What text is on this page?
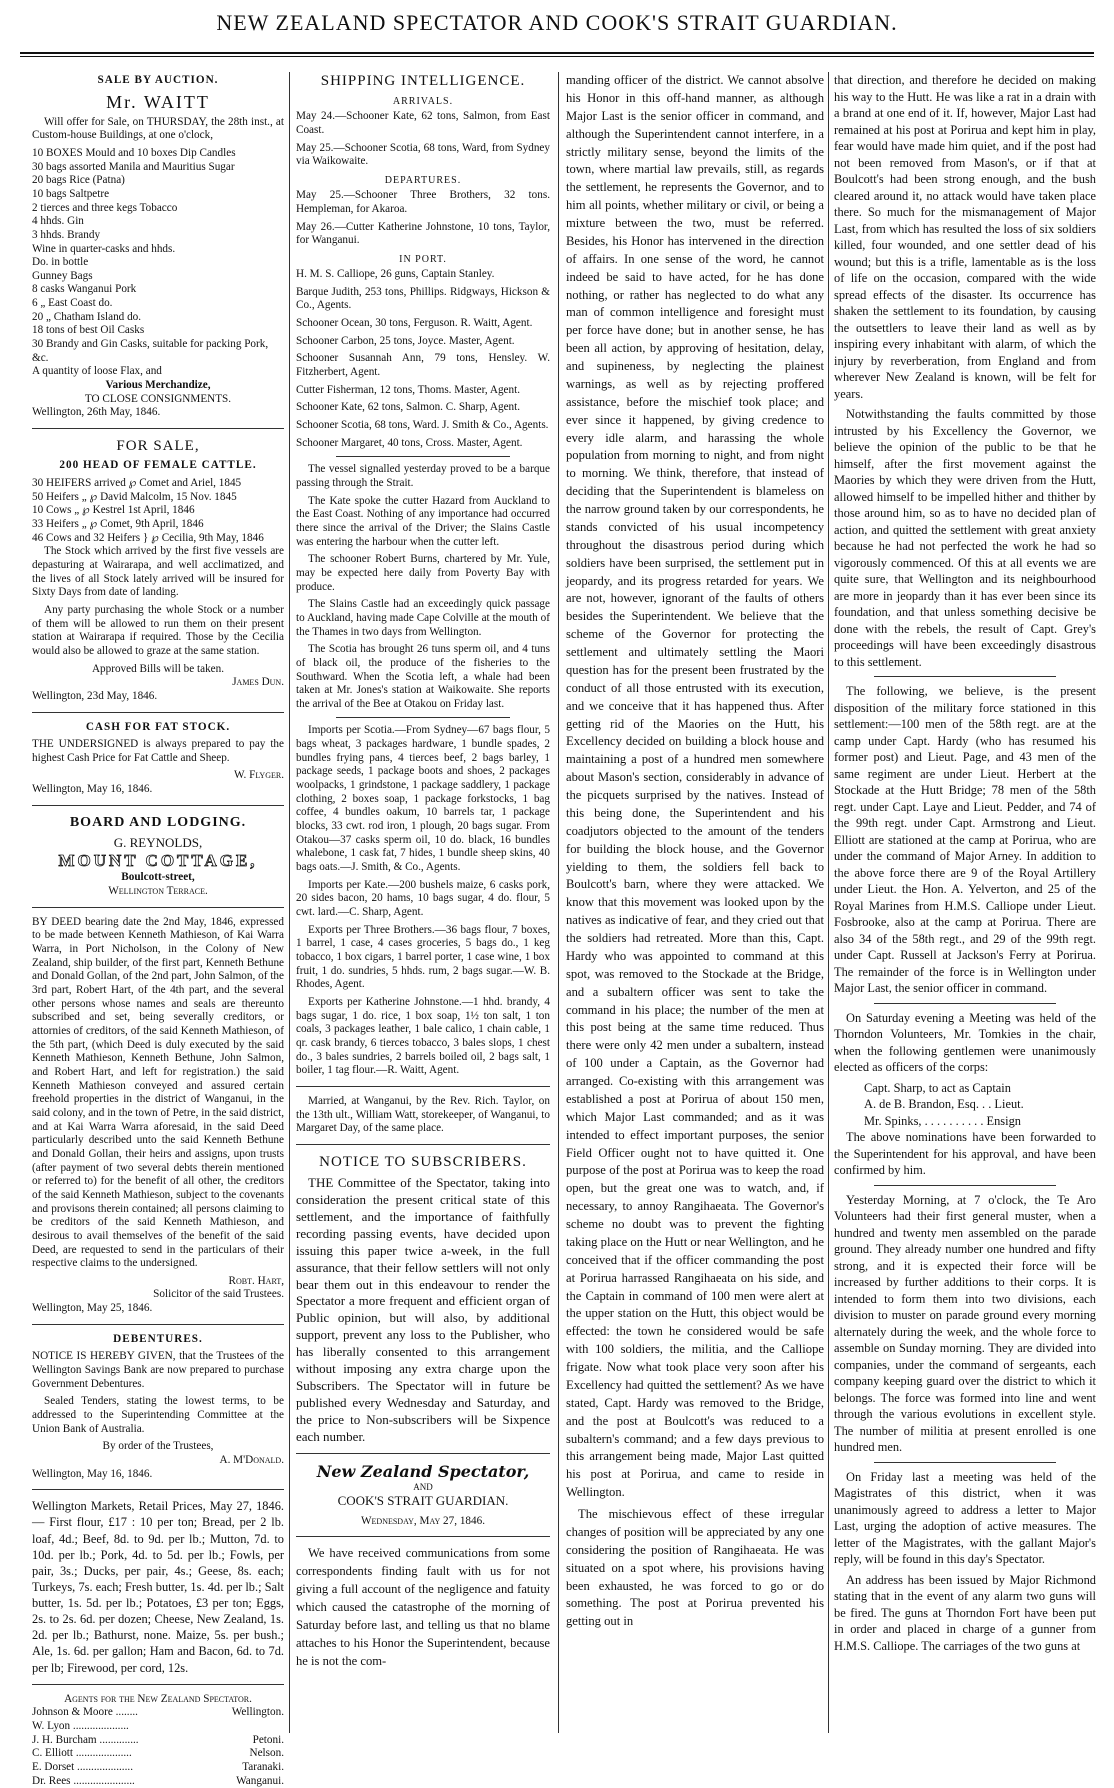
NEW ZEALAND SPECTATOR AND COOK'S STRAIT GUARDIAN.
SALE BY AUCTION.
Mr. WAITT

Will offer for Sale, on THURSDAY, the 28th inst., at Custom-house Buildings, at one o'clock,

10 BOXES Mould and 10 boxes Dip Candles
30 bags assorted Manila and Mauritius Sugar
20 bags Rice (Patna)
10 bags Saltpetre
2 tierces and three kegs Tobacco
4 hhds. Gin
3 hhds. Brandy
Wine in quarter-casks and hhds.
Do. in bottle
Gunney Bags
8 casks Wanganui Pork
6 „ East Coast do.
20 „ Chatham Island do.
18 tons of best Oil Casks
30 Brandy and Gin Casks, suitable for packing Pork, &c.
A quantity of loose Flax, and
Various Merchandize,
TO CLOSE CONSIGNMENTS.
Wellington, 26th May, 1846.
FOR SALE,
200 HEAD OF FEMALE CATTLE.
30 HEIFERS arrived ℘ Comet and Ariel, 1845
50 Heifers „ ℘ David Malcolm, 15 Nov. 1845
10 Cows „ ℘ Kestrel 1st April, 1846
33 Heifers „ ℘ Comet, 9th April, 1846
46 Cows and 32 Heifers } ℘ Cecilia, 9th May, 1846

The Stock which arrived by the first five vessels are depasturing at Wairarapa, and well acclimatized, and the lives of all Stock lately arrived will be insured for Sixty Days from date of landing.

Any party purchasing the whole Stock or a number of them will be allowed to run them on their present station at Wairarapa if required. Those by the Cecilia would also be allowed to graze at the same station.

Approved Bills will be taken.
James Dun.
Wellington, 23d May, 1846.
CASH FOR FAT STOCK.

THE UNDERSIGNED is always prepared to pay the highest Cash Price for Fat Cattle and Sheep.

W. Flyger.
Wellington, May 16, 1846.
BOARD AND LODGING.
G. REYNOLDS,
MOUNT COTTAGE,
Boulcott-street,
Wellington Terrace.

BY DEED bearing date the 2nd May, 1846, expressed to be made between Kenneth Mathieson, of Kai Warra Warra, in Port Nicholson, in the Colony of New Zealand, ship builder, of the first part, Kenneth Bethune and Donald Gollan, of the 2nd part, John Salmon, of the 3rd part, Robert Hart, of the 4th part, and the several other persons whose names and seals are thereunto subscribed and set, being severally creditors, or attornies of creditors, of the said Kenneth Mathieson, of the 5th part, (which Deed is duly executed by the said Kenneth Mathieson, Kenneth Bethune, John Salmon, and Robert Hart, and left for registration.) the said Kenneth Mathieson conveyed and assured certain freehold properties in the district of Wanganui, in the said colony, and in the town of Petre, in the said district, and at Kai Warra Warra aforesaid, in the said Deed particularly described unto the said Kenneth Bethune and Donald Gollan, their heirs and assigns, upon trusts (after payment of two several debts therein mentioned or referred to) for the benefit of all other, the creditors of the said Kenneth Mathieson, subject to the covenants and provisons therein contained; all persons claiming to be creditors of the said Kenneth Mathieson, and desirous to avail themselves of the benefit of the said Deed, are requested to send in the particulars of their respective claims to the undersigned.

Robt. Hart,
Solicitor of the said Trustees.
Wellington, May 25, 1846.
DEBENTURES.

NOTICE IS HEREBY GIVEN, that the Trustees of the Wellington Savings Bank are now prepared to purchase Government Debentures.

Sealed Tenders, stating the lowest terms, to be addressed to the Superintending Committee at the Union Bank of Australia.

By order of the Trustees,
A. M'Donald.
Wellington, May 16, 1846.

Wellington Markets, Retail Prices, May 27, 1846. — First flour, £17 : 10 per ton; Bread, per 2 lb. loaf, 4d.; Beef, 8d. to 9d. per lb.; Mutton, 7d. to 10d. per lb.; Pork, 4d. to 5d. per lb.; Fowls, per pair, 3s.; Ducks, per pair, 4s.; Geese, 8s. each; Turkeys, 7s. each; Fresh butter, 1s. 4d. per lb.; Salt butter, 1s. 5d. per lb.; Potatoes, £3 per ton; Eggs, 2s. to 2s. 6d. per dozen; Cheese, New Zealand, 1s. 2d. per lb.; Bathurst, none. Maize, 5s. per bush.; Ale, 1s. 6d. per gallon; Ham and Bacon, 6d. to 7d. per lb; Firewood, per cord, 12s.

Agents for the New Zealand Spectator.
Johnson & Moore ........	Wellington.
W. Lyon ....................
J. H. Burcham ..............	Petoni.
C. Elliott ....................	Nelson.
E. Dorset ....................	Taranaki.
Dr. Rees ......................	Wanganui.
SHIPPING INTELLIGENCE.
ARRIVALS.

May 24.—Schooner Kate, 62 tons, Salmon, from East Coast.

May 25.—Schooner Scotia, 68 tons, Ward, from Sydney via Waikowaite.

DEPARTURES.

May 25.—Schooner Three Brothers, 32 tons. Hempleman, for Akaroa.

May 26.—Cutter Katherine Johnstone, 10 tons, Taylor, for Wanganui.

IN PORT.

H. M. S. Calliope, 26 guns, Captain Stanley.

Barque Judith, 253 tons, Phillips. Ridgways, Hickson & Co., Agents.

Schooner Ocean, 30 tons, Ferguson. R. Waitt, Agent.

Schooner Carbon, 25 tons, Joyce. Master, Agent.

Schooner Susannah Ann, 79 tons, Hensley. W. Fitzherbert, Agent.

Cutter Fisherman, 12 tons, Thoms. Master, Agent.

Schooner Kate, 62 tons, Salmon. C. Sharp, Agent.

Schooner Scotia, 68 tons, Ward. J. Smith & Co., Agents.

Schooner Margaret, 40 tons, Cross. Master, Agent.

The vessel signalled yesterday proved to be a barque passing through the Strait.

The Kate spoke the cutter Hazard from Auckland to the East Coast. Nothing of any importance had occurred there since the arrival of the Driver; the Slains Castle was entering the harbour when the cutter left.

The schooner Robert Burns, chartered by Mr. Yule, may be expected here daily from Poverty Bay with produce.

The Slains Castle had an exceedingly quick passage to Auckland, having made Cape Colville at the mouth of the Thames in two days from Wellington.

The Scotia has brought 26 tuns sperm oil, and 4 tuns of black oil, the produce of the fisheries to the Southward. When the Scotia left, a whale had been taken at Mr. Jones's station at Waikowaite. She reports the arrival of the Bee at Otakou on Friday last.

Imports per Scotia.—From Sydney—67 bags flour, 5 bags wheat, 3 packages hardware, 1 bundle spades, 2 bundles frying pans, 4 tierces beef, 2 bags barley, 1 package seeds, 1 package boots and shoes, 2 packages woolpacks, 1 grindstone, 1 package saddlery, 1 package clothing, 2 boxes soap, 1 package forkstocks, 1 bag coffee, 4 bundles oakum, 10 barrels tar, 1 package blocks, 33 cwt. rod iron, 1 plough, 20 bags sugar. From Otakou—37 casks sperm oil, 10 do. black, 16 bundles whalebone, 1 cask fat, 7 hides, 1 bundle sheep skins, 40 bags oats.—J. Smith, & Co., Agents.

Imports per Kate.—200 bushels maize, 6 casks pork, 20 sides bacon, 20 hams, 10 bags sugar, 4 do. flour, 5 cwt. lard.—C. Sharp, Agent.

Exports per Three Brothers.—36 bags flour, 7 boxes, 1 barrel, 1 case, 4 cases groceries, 5 bags do., 1 keg tobacco, 1 box cigars, 1 barrel porter, 1 case wine, 1 box fruit, 1 do. sundries, 5 hhds. rum, 2 bags sugar.—W. B. Rhodes, Agent.

Exports per Katherine Johnstone.—1 hhd. brandy, 4 bags sugar, 1 do. rice, 1 box soap, 1½ ton salt, 1 ton coals, 3 packages leather, 1 bale calico, 1 chain cable, 1 qr. cask brandy, 6 tierces tobacco, 3 bales slops, 1 chest do., 3 bales sundries, 2 barrels boiled oil, 2 bags salt, 1 boiler, 1 tag flour.—R. Waitt, Agent.

Married, at Wanganui, by the Rev. Rich. Taylor, on the 13th ult., William Watt, storekeeper, of Wanganui, to Margaret Day, of the same place.

NOTICE TO SUBSCRIBERS.

THE Committee of the Spectator, taking into consideration the present critical state of this settlement, and the importance of faithfully recording passing events, have decided upon issuing this paper twice a-week, in the full assurance, that their fellow settlers will not only bear them out in this endeavour to render the Spectator a more frequent and efficient organ of Public opinion, but will also, by additional support, prevent any loss to the Publisher, who has liberally consented to this arrangement without imposing any extra charge upon the Subscribers. The Spectator will in future be published every Wednesday and Saturday, and the price to Non-subscribers will be Sixpence each number.

New Zealand Spectator,
AND
COOK'S STRAIT GUARDIAN.
Wednesday, May 27, 1846.

We have received communications from some correspondents finding fault with us for not giving a full account of the negligence and fatuity which caused the catastrophe of the morning of Saturday before last, and telling us that no blame attaches to his Honor the Superintendent, because he is not the com-

manding officer of the district. We cannot absolve his Honor in this off-hand manner, as although Major Last is the senior officer in command, and although the Superintendent cannot interfere, in a strictly military sense, beyond the limits of the town, where martial law prevails, still, as regards the settlement, he represents the Governor, and to him all points, whether military or civil, or being a mixture between the two, must be referred. Besides, his Honor has intervened in the direction of affairs. In one sense of the word, he cannot indeed be said to have acted, for he has done nothing, or rather has neglected to do what any man of common intelligence and foresight must per force have done; but in another sense, he has been all action, by approving of hesitation, delay, and supineness, by neglecting the plainest warnings, as well as by rejecting proffered assistance, before the mischief took place; and ever since it happened, by giving credence to every idle alarm, and harassing the whole population from morning to night, and from night to morning. We think, therefore, that instead of deciding that the Superintendent is blameless on the narrow ground taken by our correspondents, he stands convicted of his usual incompetency throughout the disastrous period during which soldiers have been surprised, the settlement put in jeopardy, and its progress retarded for years. We are not, however, ignorant of the faults of others besides the Superintendent. We believe that the scheme of the Governor for protecting the settlement and ultimately settling the Maori question has for the present been frustrated by the conduct of all those entrusted with its execution, and we conceive that it has happened thus. After getting rid of the Maories on the Hutt, his Excellency decided on building a block house and maintaining a post of a hundred men somewhere about Mason's section, considerably in advance of the picquets surprised by the natives. Instead of this being done, the Superintendent and his coadjutors objected to the amount of the tenders for building the block house, and the Governor yielding to them, the soldiers fell back to Boulcott's barn, where they were attacked. We know that this movement was looked upon by the natives as indicative of fear, and they cried out that the soldiers had retreated. More than this, Capt. Hardy who was appointed to command at this spot, was removed to the Stockade at the Bridge, and a subaltern officer was sent to take the command in his place; the number of the men at this post being at the same time reduced. Thus there were only 42 men under a subaltern, instead of 100 under a Captain, as the Governor had arranged. Co-existing with this arrangement was established a post at Porirua of about 150 men, which Major Last commanded; and as it was intended to effect important purposes, the senior Field Officer ought not to have quitted it. One purpose of the post at Porirua was to keep the road open, but the great one was to watch, and, if necessary, to annoy Rangihaeata. The Governor's scheme no doubt was to prevent the fighting taking place on the Hutt or near Wellington, and he conceived that if the officer commanding the post at Porirua harrassed Rangihaeata on his side, and the Captain in command of 100 men were alert at the upper station on the Hutt, this object would be effected: the town he considered would be safe with 100 soldiers, the militia, and the Calliope frigate. Now what took place very soon after his Excellency had quitted the settlement? As we have stated, Capt. Hardy was removed to the Bridge, and the post at Boulcott's was reduced to a subaltern's command; and a few days previous to this arrangement being made, Major Last quitted his post at Porirua, and came to reside in Wellington.

The mischievous effect of these irregular changes of position will be appreciated by any one considering the position of Rangihaeata. He was situated on a spot where, his provisions having been exhausted, he was forced to go or do something. The post at Porirua prevented his getting out in

that direction, and therefore he decided on making his way to the Hutt. He was like a rat in a drain with a brand at one end of it. If, however, Major Last had remained at his post at Porirua and kept him in play, fear would have made him quiet, and if the post had not been removed from Mason's, or if that at Boulcott's had been strong enough, and the bush cleared around it, no attack would have taken place there. So much for the mismanagement of Major Last, from which has resulted the loss of six soldiers killed, four wounded, and one settler dead of his wound; but this is a trifle, lamentable as is the loss of life on the occasion, compared with the wide spread effects of the disaster. Its occurrence has shaken the settlement to its foundation, by causing the outsettlers to leave their land as well as by inspiring every inhabitant with alarm, of which the injury by reverberation, from England and from wherever New Zealand is known, will be felt for years.

Notwithstanding the faults committed by those intrusted by his Excellency the Governor, we believe the opinion of the public to be that he himself, after the first movement against the Maories by which they were driven from the Hutt, allowed himself to be impelled hither and thither by those around him, so as to have no decided plan of action, and quitted the settlement with great anxiety because he had not perfected the work he had so vigorously commenced. Of this at all events we are quite sure, that Wellington and its neighbourhood are more in jeopardy than it has ever been since its foundation, and that unless something decisive be done with the rebels, the result of Capt. Grey's proceedings will have been exceedingly disastrous to this settlement.

The following, we believe, is the present disposition of the military force stationed in this settlement:—100 men of the 58th regt. are at the camp under Capt. Hardy (who has resumed his former post) and Lieut. Page, and 43 men of the same regiment are under Lieut. Herbert at the Stockade at the Hutt Bridge; 78 men of the 58th regt. under Capt. Laye and Lieut. Pedder, and 74 of the 99th regt. under Capt. Armstrong and Lieut. Elliott are stationed at the camp at Porirua, who are under the command of Major Arney. In addition to the above force there are 9 of the Royal Artillery under Lieut. the Hon. A. Yelverton, and 25 of the Royal Marines from H.M.S. Calliope under Lieut. Fosbrooke, also at the camp at Porirua. There are also 34 of the 58th regt., and 29 of the 99th regt. under Capt. Russell at Jackson's Ferry at Porirua. The remainder of the force is in Wellington under Major Last, the senior officer in command.

On Saturday evening a Meeting was held of the Thorndon Volunteers, Mr. Tomkies in the chair, when the following gentlemen were unanimously elected as officers of the corps:

Capt. Sharp, to act as Captain
A. de B. Brandon, Esq. . . Lieut.
Mr. Spinks, . . . . . . . . . . Ensign

The above nominations have been forwarded to the Superintendent for his approval, and have been confirmed by him.

Yesterday Morning, at 7 o'clock, the Te Aro Volunteers had their first general muster, when a hundred and twenty men assembled on the parade ground. They already number one hundred and fifty strong, and it is expected their force will be increased by further additions to their corps. It is intended to form them into two divisions, each division to muster on parade ground every morning alternately during the week, and the whole force to assemble on Sunday morning. They are divided into companies, under the command of sergeants, each company keeping guard over the district to which it belongs. The force was formed into line and went through the various evolutions in excellent style. The number of militia at present enrolled is one hundred men.

On Friday last a meeting was held of the Magistrates of this district, when it was unanimously agreed to address a letter to Major Last, urging the adoption of active measures. The letter of the Magistrates, with the gallant Major's reply, will be found in this day's Spectator.

An address has been issued by Major Richmond stating that in the event of any alarm two guns will be fired. The guns at Thorndon Fort have been put in order and placed in charge of a gunner from H.M.S. Calliope. The carriages of the two guns at
